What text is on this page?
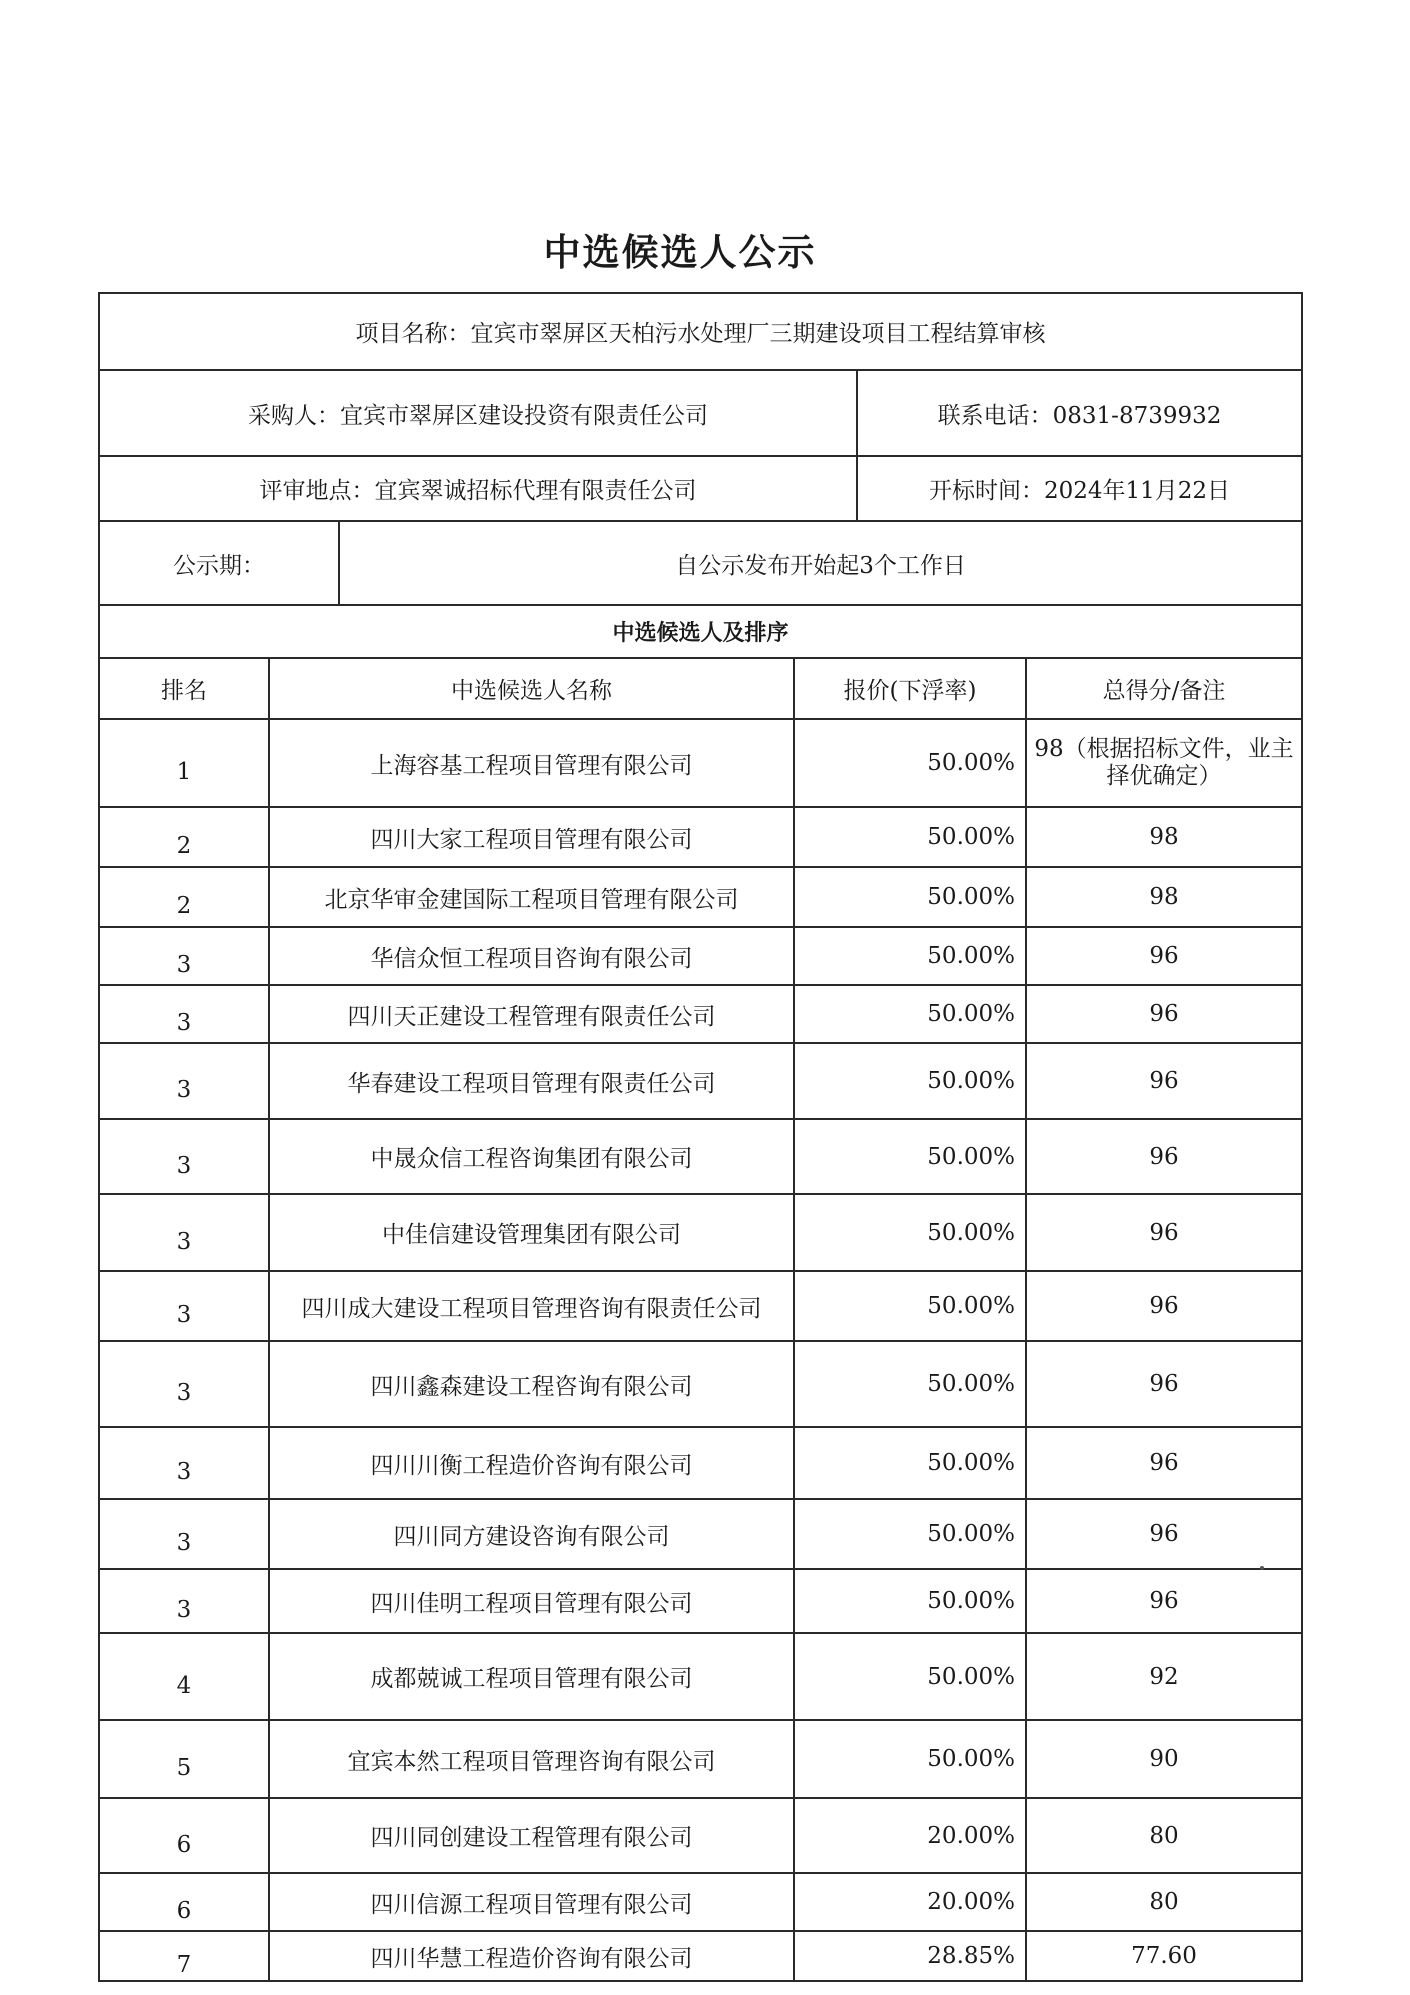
中选候选人公示
项目名称：宜宾市翠屏区天柏污水处理厂三期建设项目工程结算审核					
采购人：宜宾市翠屏区建设投资有限责任公司				联系电话：0831-8739932	
评审地点：宜宾翠诚招标代理有限责任公司				开标时间：2024年11月22日	
公示期：		自公示发布开始起3个工作日			
中选候选人及排序					
排名	中选候选人名称		报价(下浮率)		总得分/备注
1	上海容基工程项目管理有限公司		50.00%		98（根据招标文件，业主择优确定）
2	四川大家工程项目管理有限公司		50.00%		98
2	北京华审金建国际工程项目管理有限公司		50.00%		98
3	华信众恒工程项目咨询有限公司		50.00%		96
3	四川天正建设工程管理有限责任公司		50.00%		96
3	华春建设工程项目管理有限责任公司		50.00%		96
3	中晟众信工程咨询集团有限公司		50.00%		96
3	中佳信建设管理集团有限公司		50.00%		96
3	四川成大建设工程项目管理咨询有限责任公司		50.00%		96
3	四川鑫森建设工程咨询有限公司		50.00%		96
3	四川川衡工程造价咨询有限公司		50.00%		96
3	四川同方建设咨询有限公司		50.00%		96
3	四川佳明工程项目管理有限公司		50.00%		96
4	成都兢诚工程项目管理有限公司		50.00%		92
5	宜宾本然工程项目管理咨询有限公司		50.00%		90
6	四川同创建设工程管理有限公司		20.00%		80
6	四川信源工程项目管理有限公司		20.00%		80
7	四川华慧工程造价咨询有限公司		28.85%		77.60
